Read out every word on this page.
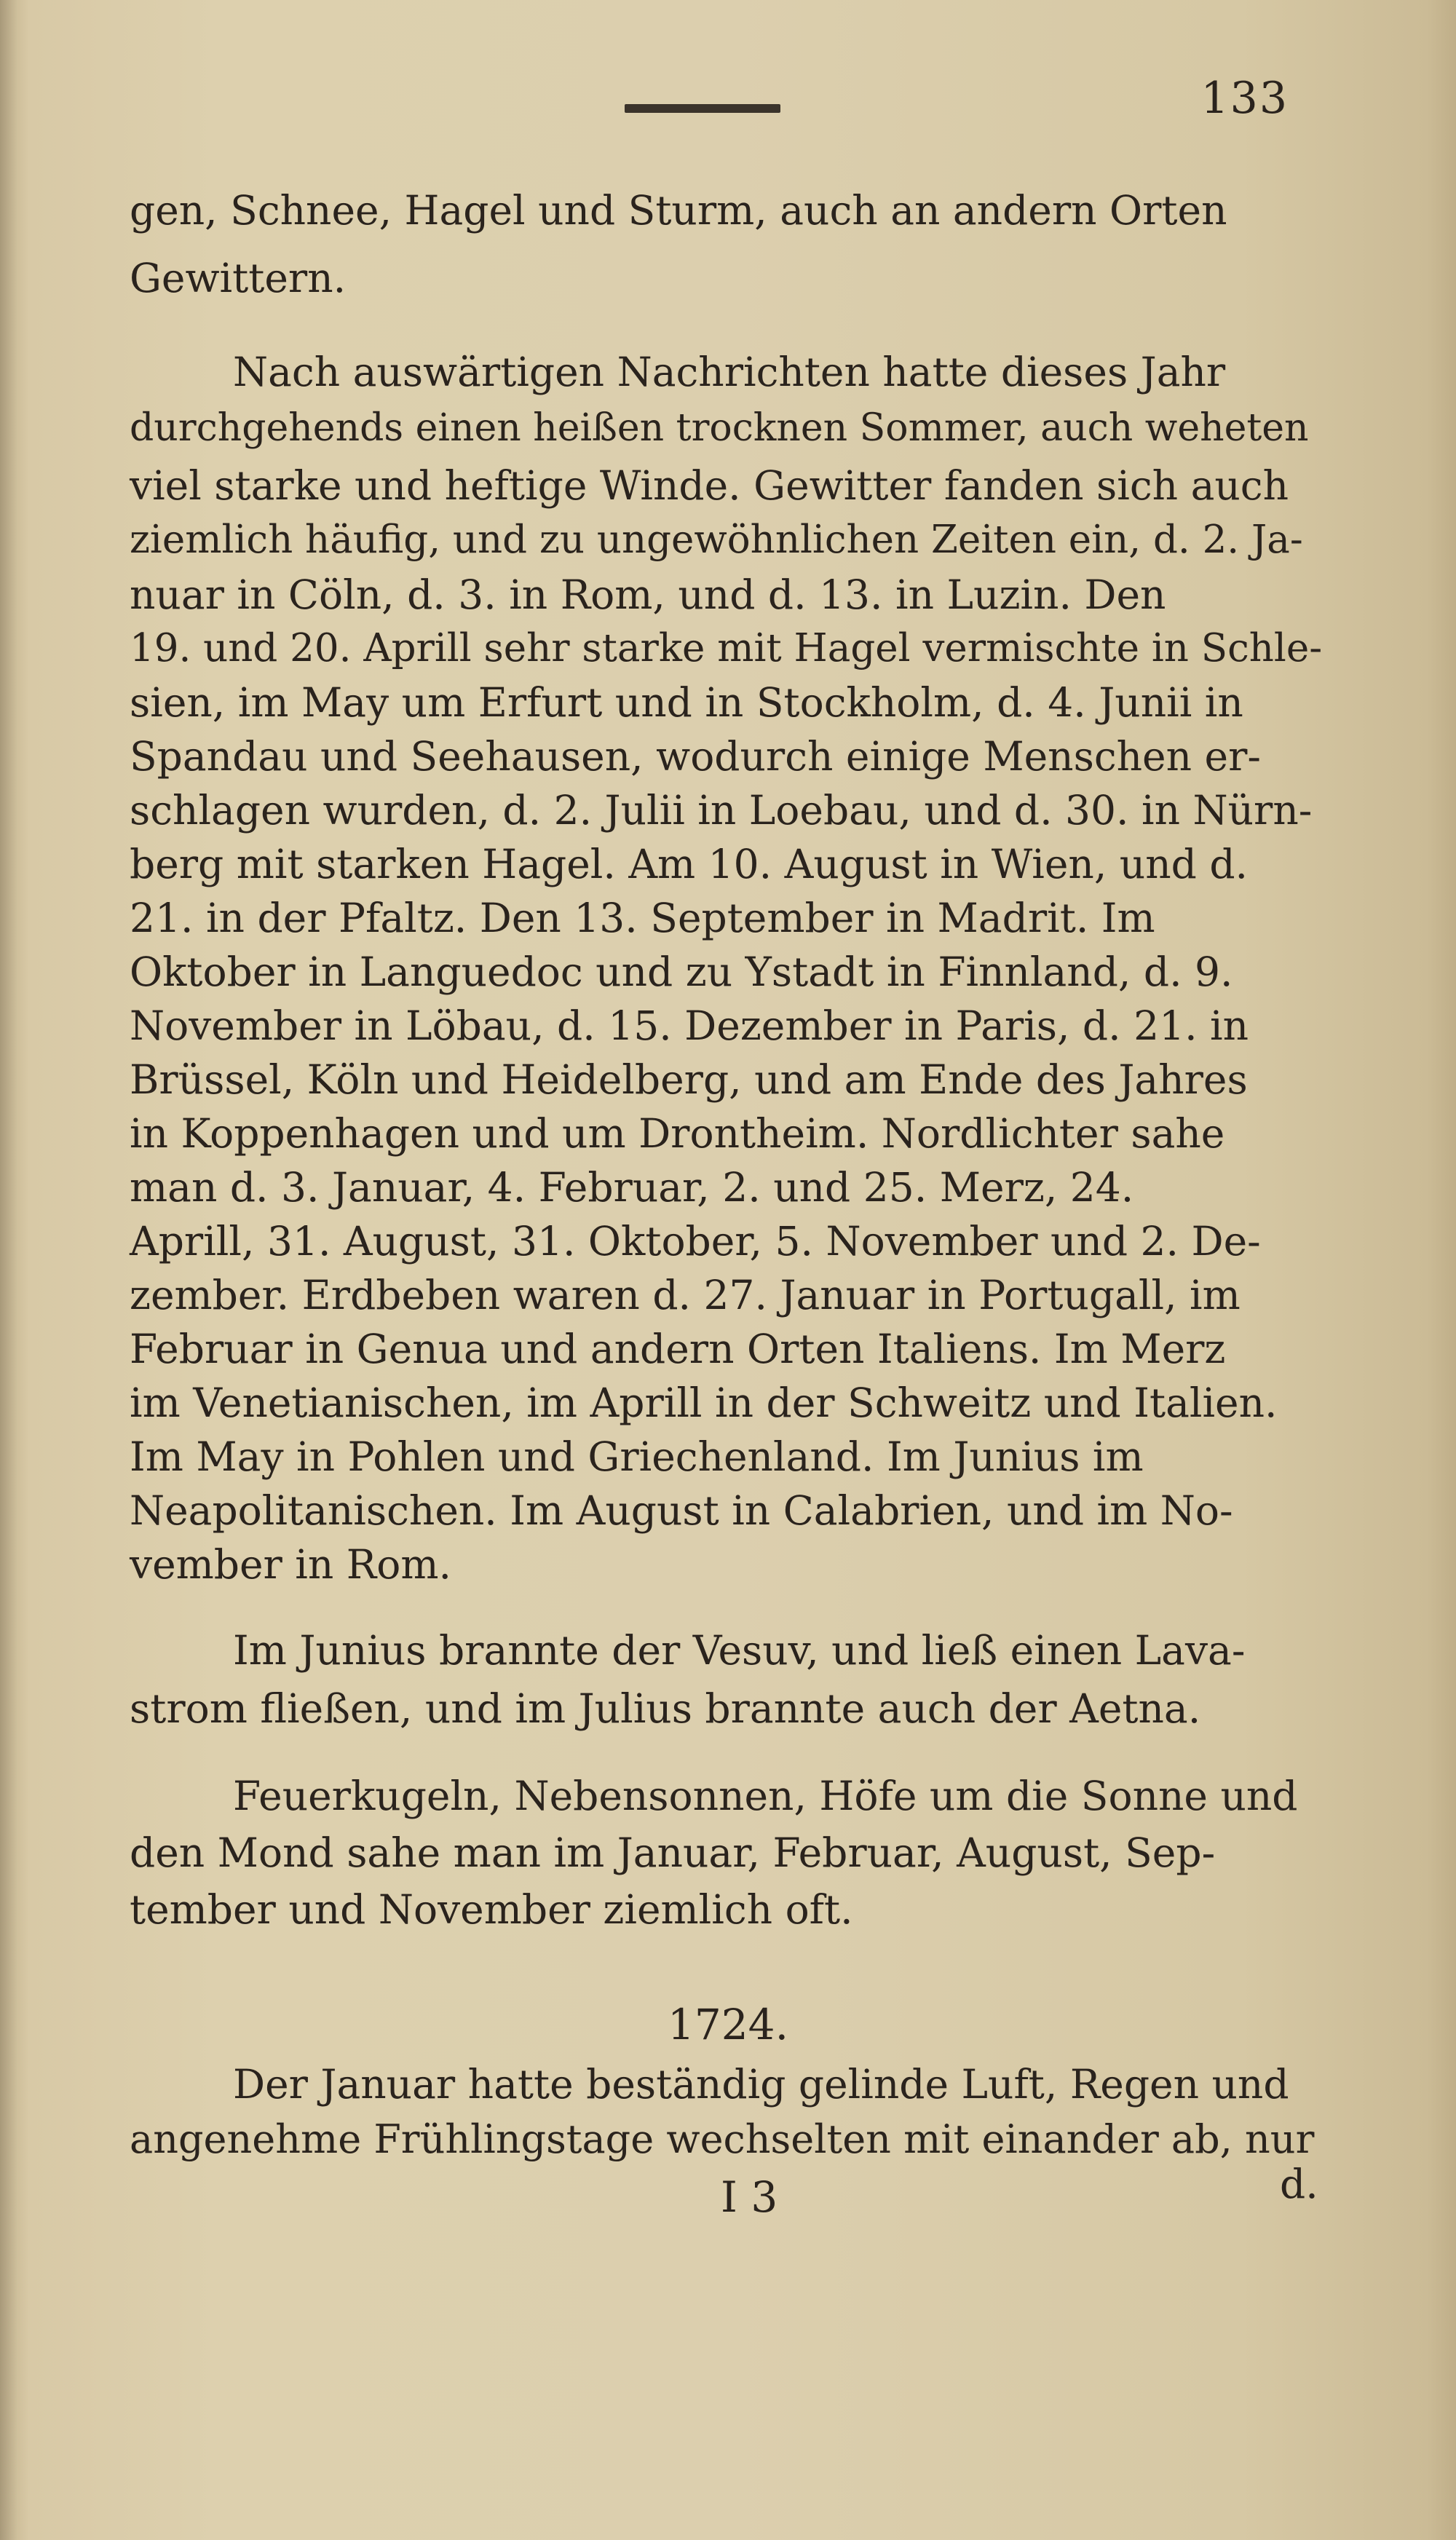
133
gen, Schnee, Hagel und Sturm, auch an andern Orten
Gewittern.
Nach auswärtigen Nachrichten hatte dieses Jahr
durchgehends einen heißen trocknen Sommer, auch weheten
viel starke und heftige Winde. Gewitter fanden sich auch
ziemlich häufig, und zu ungewöhnlichen Zeiten ein, d. 2. Ja-
nuar in Cöln, d. 3. in Rom, und d. 13. in Luzin. Den
19. und 20. Aprill sehr starke mit Hagel vermischte in Schle-
sien, im May um Erfurt und in Stockholm, d. 4. Junii in
Spandau und Seehausen, wodurch einige Menschen er-
schlagen wurden, d. 2. Julii in Loebau, und d. 30. in Nürn-
berg mit starken Hagel. Am 10. August in Wien, und d.
21. in der Pfaltz. Den 13. September in Madrit. Im
Oktober in Languedoc und zu Ystadt in Finnland, d. 9.
November in Löbau, d. 15. Dezember in Paris, d. 21. in
Brüssel, Köln und Heidelberg, und am Ende des Jahres
in Koppenhagen und um Drontheim. Nordlichter sahe
man d. 3. Januar, 4. Februar, 2. und 25. Merz, 24.
Aprill, 31. August, 31. Oktober, 5. November und 2. De-
zember. Erdbeben waren d. 27. Januar in Portugall, im
Februar in Genua und andern Orten Italiens. Im Merz
im Venetianischen, im Aprill in der Schweitz und Italien.
Im May in Pohlen und Griechenland. Im Junius im
Neapolitanischen. Im August in Calabrien, und im No-
vember in Rom.
Im Junius brannte der Vesuv, und ließ einen Lava-
strom fließen, und im Julius brannte auch der Aetna.
Feuerkugeln, Nebensonnen, Höfe um die Sonne und
den Mond sahe man im Januar, Februar, August, Sep-
tember und November ziemlich oft.
1724.
Der Januar hatte beständig gelinde Luft, Regen und
angenehme Frühlingstage wechselten mit einander ab, nur
I 3	d.
